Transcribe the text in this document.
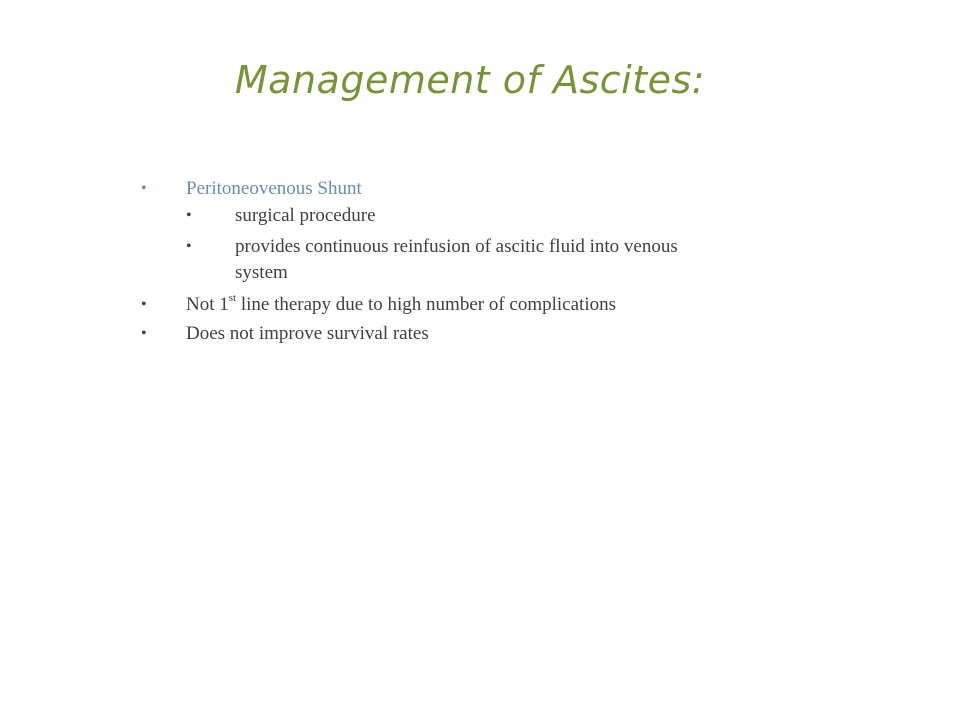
Management of Ascites:
• Peritoneovenous Shunt
• surgical procedure
• provides continuous reinfusion of ascitic fluid into venous
system
• Not 1st line therapy due to high number of complications
• Does not improve survival rates
